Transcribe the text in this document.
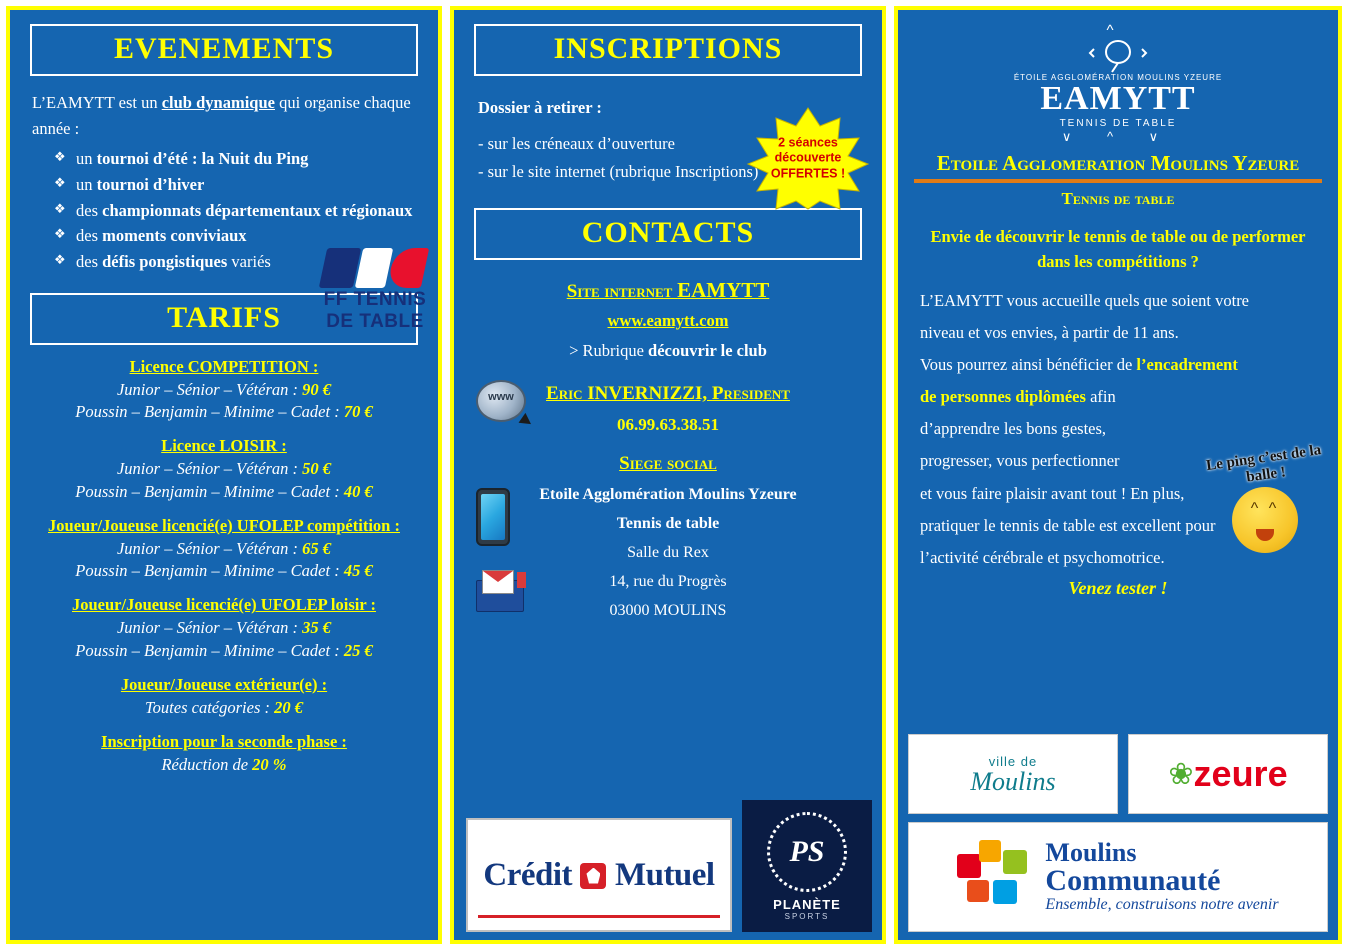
EVENEMENTS
L’EAMYTT est un club dynamique qui organise chaque année :
❖ un tournoi d’été : la Nuit du Ping
❖ un tournoi d’hiver
❖ des championnats départementaux et régionaux
❖ des moments conviviaux
❖ des défis pongistiques variés
FF TENNIS
DE TABLE
TARIFS
Licence COMPETITION :
Junior – Sénior – Vétéran : 90 €
Poussin – Benjamin – Minime – Cadet : 70 €
Licence LOISIR :
Junior – Sénior – Vétéran : 50 €
Poussin – Benjamin – Minime – Cadet : 40 €
Joueur/Joueuse licencié(e) UFOLEP compétition :
Junior – Sénior – Vétéran : 65 €
Poussin – Benjamin – Minime – Cadet : 45 €
Joueur/Joueuse licencié(e) UFOLEP loisir :
Junior – Sénior – Vétéran : 35 €
Poussin – Benjamin – Minime – Cadet : 25 €
Joueur/Joueuse extérieur(e) :
Toutes catégories : 20 €
Inscription pour la seconde phase :
Réduction de 20 %
INSCRIPTIONS
2 séances découverte OFFERTES !
Dossier à retirer :
- sur les créneaux d’ouverture
- sur le site internet (rubrique Inscriptions)
CONTACTS
www
Site internet EAMYTT
www.eamytt.com
> Rubrique découvrir le club
Eric INVERNIZZI, President
06.99.63.38.51
Siege social
Etoile Agglomération Moulins Yzeure
Tennis de table
Salle du Rex
14, rue du Progrès
03000 MOULINS
Crédit Mutuel
PS
PLANÈTE
SPORTS
^
ÉTOILE AGGLOMÉRATION MOULINS YZEURE
EAMYTT
TENNIS DE TABLE
∨ ^ ∨
Etoile Agglomeration Moulins Yzeure
Tennis de table
Envie de découvrir le tennis de table ou de performer dans les compétitions ?
L’EAMYTT vous accueille quels que soient votre
niveau et vos envies, à partir de 11 ans.
Vous pourrez ainsi bénéficier de l’encadrement
de personnes diplômées afin
d’apprendre les bons gestes,
progresser, vous perfectionner
et vous faire plaisir avant tout ! En plus,
pratiquer le tennis de table est excellent pour
l’activité cérébrale et psychomotrice.
Venez tester !
Le ping c’est de la balle !
^ ^
ville de
Moulins	❀ zeure
Moulins
Communauté
Ensemble, construisons notre avenir
